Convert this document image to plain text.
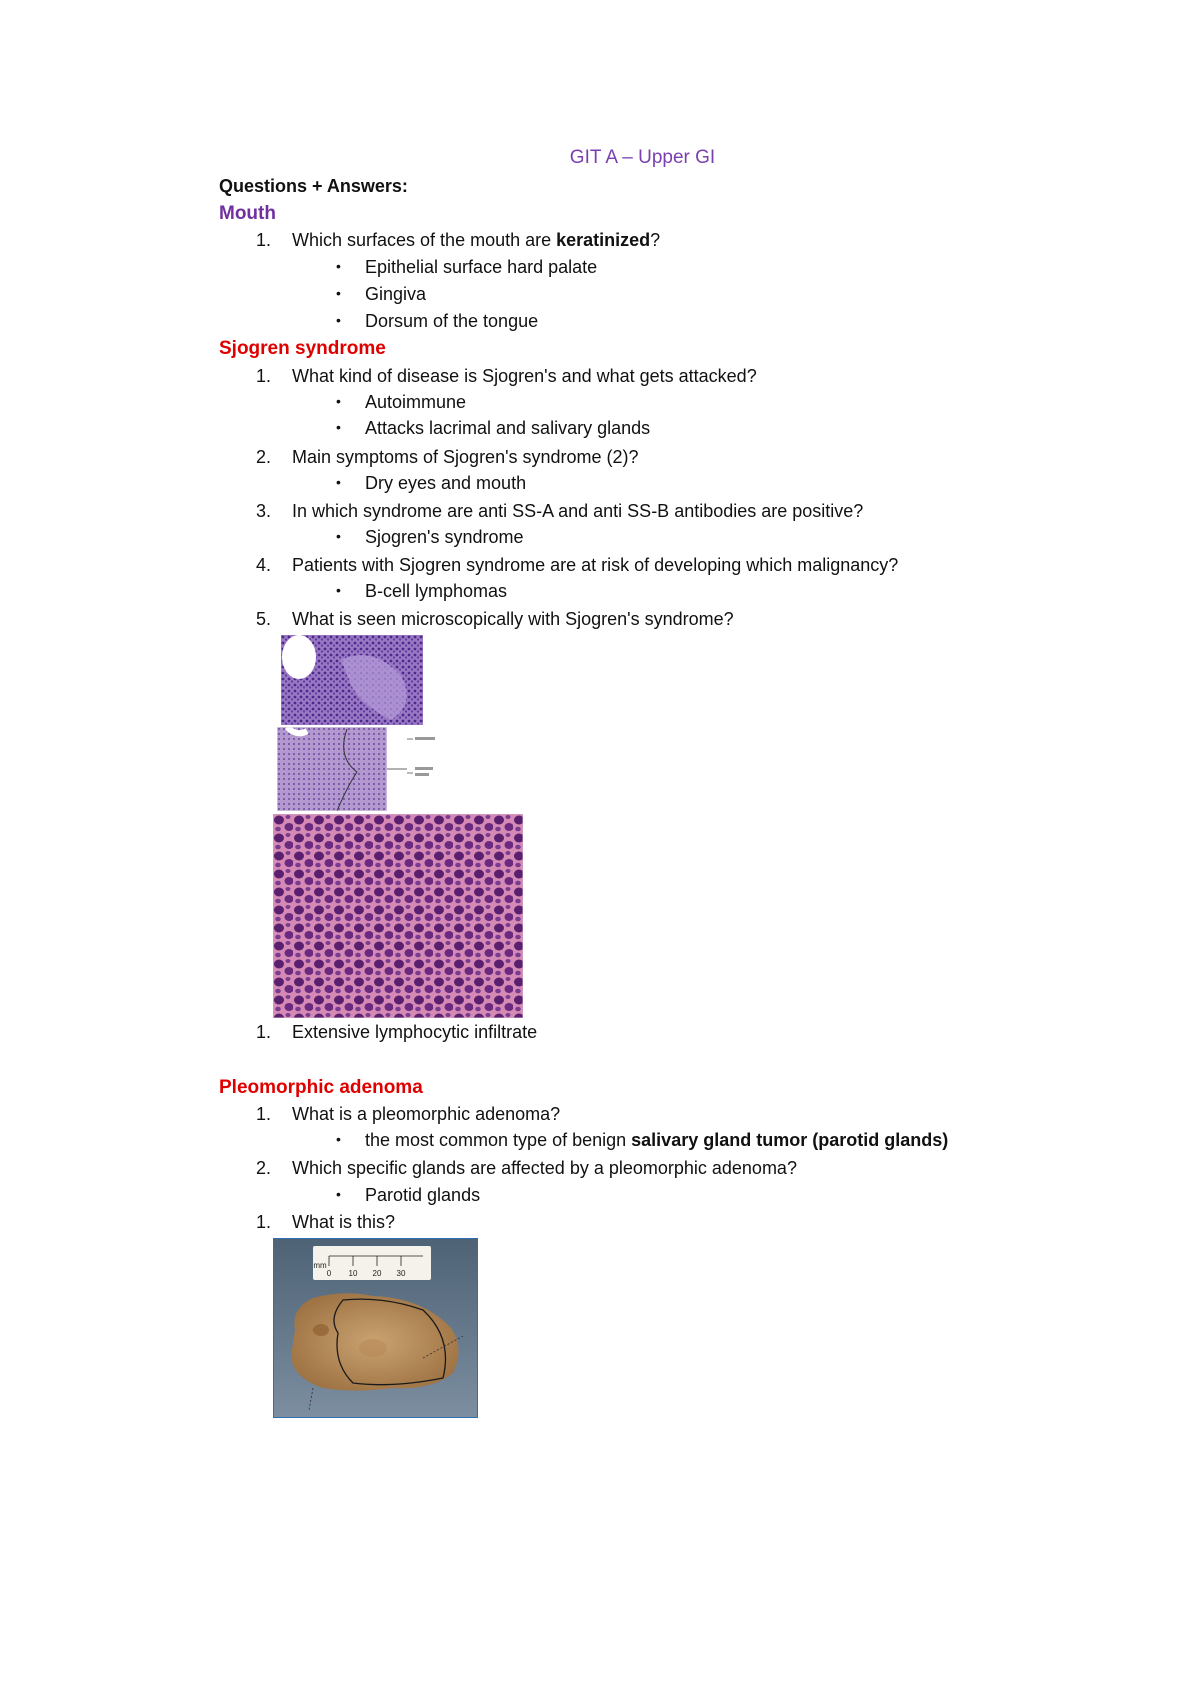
GIT A – Upper GI
Questions + Answers:
Mouth
1.	Which surfaces of the mouth are keratinized?
• Epithelial surface hard palate
• Gingiva
• Dorsum of the tongue
Sjogren syndrome
1.	What kind of disease is Sjogren's and what gets attacked?
• Autoimmune
• Attacks lacrimal and salivary glands
2.	Main symptoms of Sjogren's syndrome (2)?
• Dry eyes and mouth
3.	In which syndrome are anti SS-A and anti SS-B antibodies are positive?
• Sjogren's syndrome
4.	Patients with Sjogren syndrome are at risk of developing which malignancy?
• B-cell lymphomas
5.	What is seen microscopically with Sjogren's syndrome?
1.	Extensive lymphocytic infiltrate
Pleomorphic adenoma
1.	What is a pleomorphic adenoma?
• the most common type of benign salivary gland tumor (parotid glands)
2.	Which specific glands are affected by a pleomorphic adenoma?
• Parotid glands
1.	What is this?
mm
0 10 20 30
